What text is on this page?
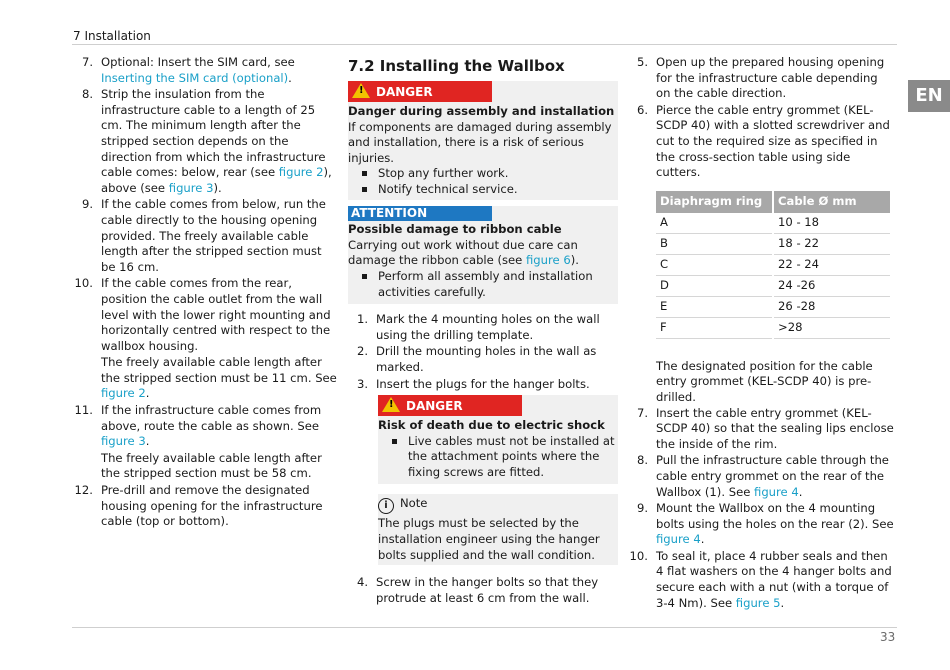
7 Installation
EN
7. Optional: Insert the SIM card, see Inserting the SIM card (optional).

8. Strip the insulation from the infrastructure cable to a length of 25 cm. The minimum length after the stripped section depends on the direction from which the infrastructure cable comes: below, rear (see figure 2), above (see figure 3).

9. If the cable comes from below, run the cable directly to the housing opening provided. The freely available cable length after the stripped section must be 16 cm.

10. If the cable comes from the rear, position the cable outlet from the wall level with the lower right mounting and horizontally centred with respect to the wallbox housing.

The freely available cable length after the stripped section must be 11 cm. See figure 2.

11. If the infrastructure cable comes from above, route the cable as shown. See figure 3.

The freely available cable length after the stripped section must be 58 cm.

12. Pre-drill and remove the designated housing opening for the infrastructure cable (top or bottom).

7.2 Installing the Wallbox
!DANGER

Danger during assembly and installation

If components are damaged during assembly and installation, there is a risk of serious injuries.

Stop any further work.
Notify technical service.
ATTENTION

Possible damage to ribbon cable

Carrying out work without due care can damage the ribbon cable (see figure 6).

Perform all assembly and installation activities carefully.
1. Mark the 4 mounting holes on the wall using the drilling template.

2. Drill the mounting holes in the wall as marked.

3. Insert the plugs for the hanger bolts.

!DANGER

Risk of death due to electric shock

Live cables must not be installed at the attachment points where the fixing screws are fitted.

i Note

The plugs must be selected by the installation engineer using the hanger bolts supplied and the wall condition.

4. Screw in the hanger bolts so that they protrude at least 6 cm from the wall.

5. Open up the prepared housing opening for the infrastructure cable depending on the cable direction.

6. Pierce the cable entry grommet (KEL-SCDP 40) with a slotted screwdriver and cut to the required size as specified in the cross-section table using side cutters.

Diaphragm ring	Cable Ø mm
A	10 - 18
B	18 - 22
C	22 - 24
D	24 -26
E	26 -28
F	>28

The designated position for the cable entry grommet (KEL-SCDP 40) is pre-drilled.

7. Insert the cable entry grommet (KEL-SCDP 40) so that the sealing lips enclose the inside of the rim.

8. Pull the infrastructure cable through the cable entry grommet on the rear of the Wallbox (1). See figure 4.

9. Mount the Wallbox on the 4 mounting bolts using the holes on the rear (2). See figure 4.

10. To seal it, place 4 rubber seals and then 4 flat washers on the 4 hanger bolts and secure each with a nut (with a torque of 3-4 Nm). See figure 5.

33
